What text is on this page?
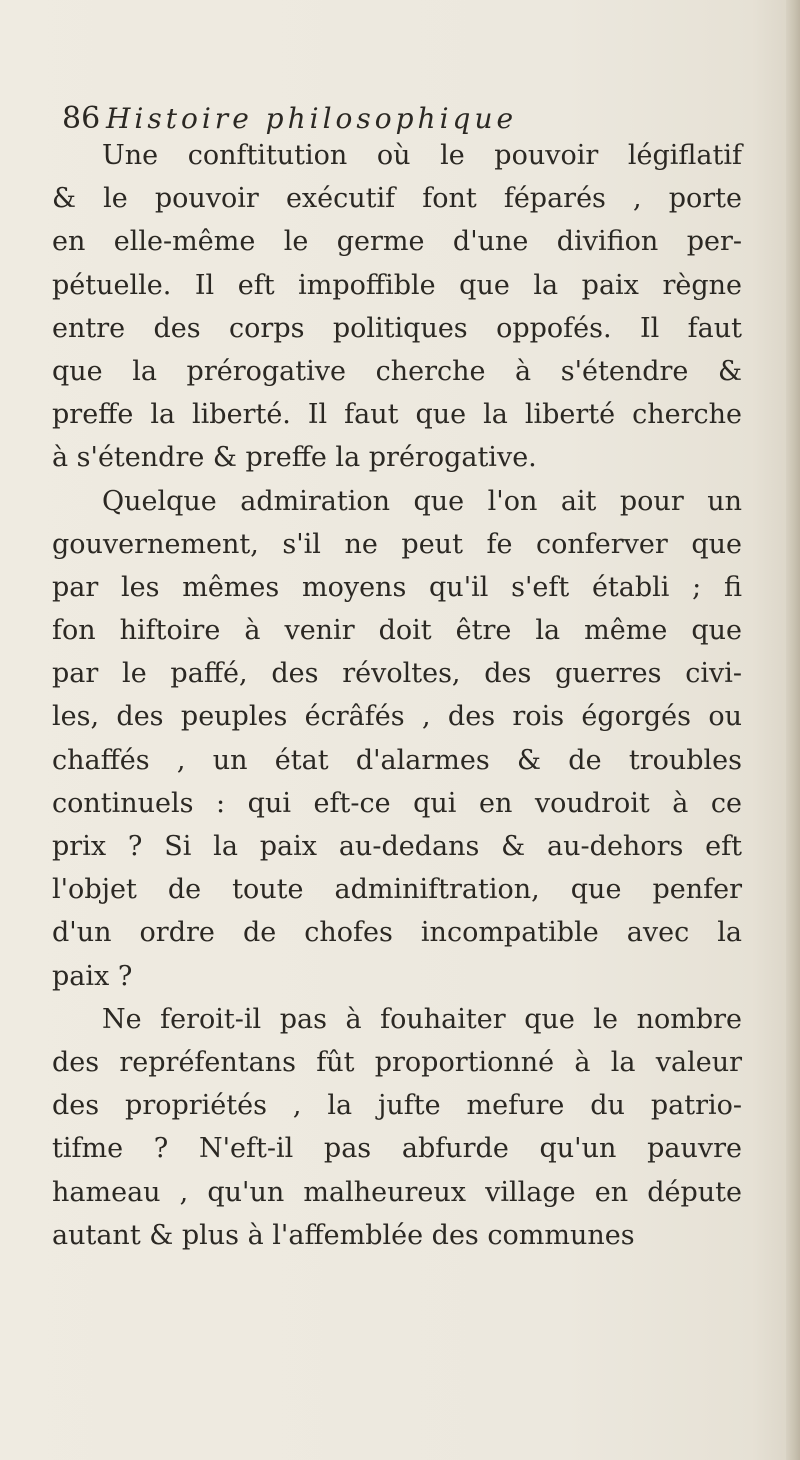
86 Histoire philosophique
Une conftitution où le pouvoir légiflatif
& le pouvoir exécutif font féparés , porte
en elle-même le germe d'une divifion per-
pétuelle. Il eft impoffible que la paix règne
entre des corps politiques oppofés. Il faut
que la prérogative cherche à s'étendre &
preffe la liberté. Il faut que la liberté cherche
à s'étendre & preffe la prérogative.
Quelque admiration que l'on ait pour un
gouvernement, s'il ne peut fe conferver que
par les mêmes moyens qu'il s'eft établi ; fi
fon hiftoire à venir doit être la même que
par le paffé, des révoltes, des guerres civi-
les, des peuples écrâfés , des rois égorgés ou
chaffés , un état d'alarmes & de troubles
continuels : qui eft-ce qui en voudroit à ce
prix ? Si la paix au-dedans & au-dehors eft
l'objet de toute adminiftration, que penfer
d'un ordre de chofes incompatible avec la
paix ?
Ne feroit-il pas à fouhaiter que le nombre
des repréfentans fût proportionné à la valeur
des propriétés , la jufte mefure du patrio-
tifme ? N'eft-il pas abfurde qu'un pauvre
hameau , qu'un malheureux village en députe
autant & plus à l'affemblée des communes
